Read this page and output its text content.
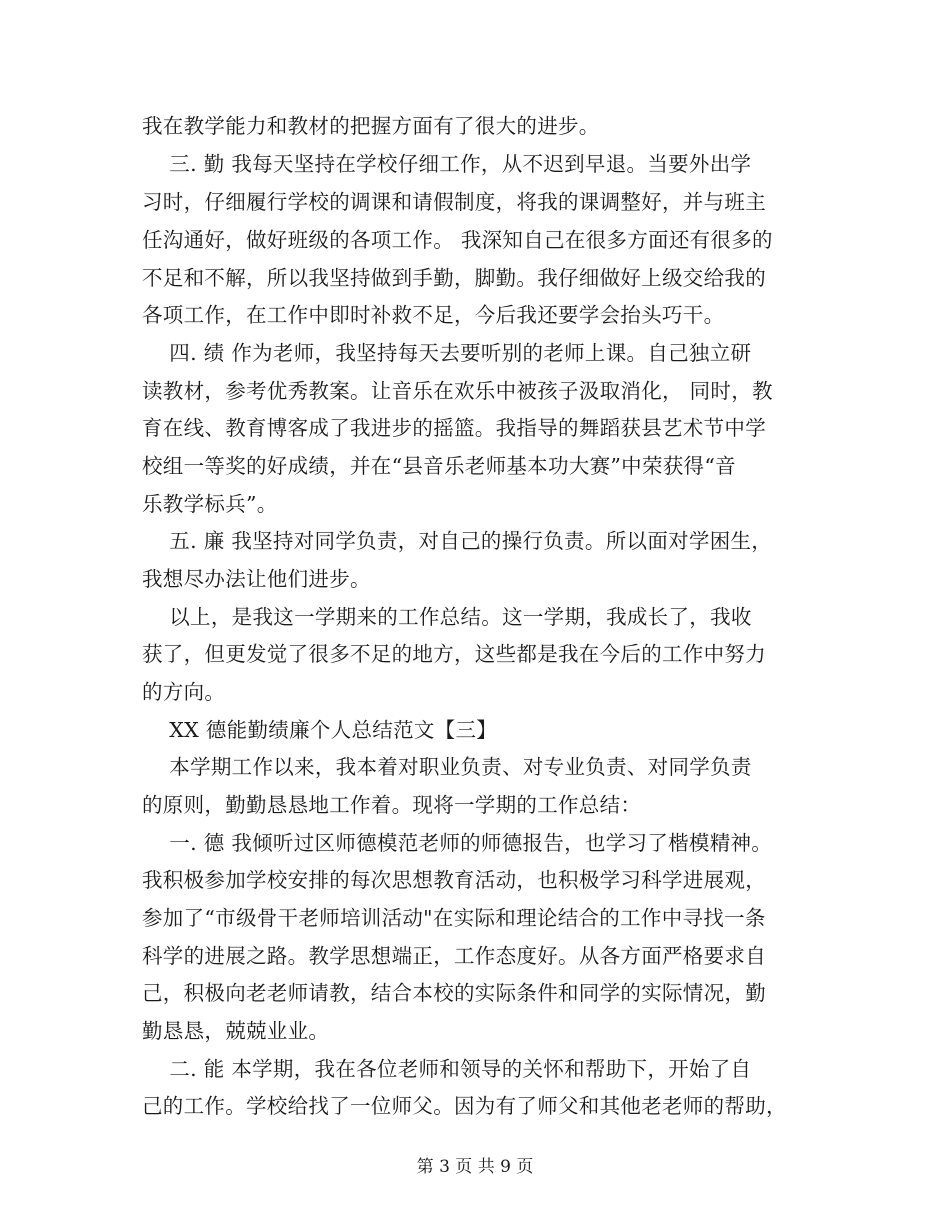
我在教学能力和教材的把握方面有了很大的进步。
三. 勤 我每天坚持在学校仔细工作，从不迟到早退。当要外出学
习时，仔细履行学校的调课和请假制度，将我的课调整好，并与班主
任沟通好，做好班级的各项工作。 我深知自己在很多方面还有很多的
不足和不解，所以我坚持做到手勤，脚勤。我仔细做好上级交给我的
各项工作，在工作中即时补救不足，今后我还要学会抬头巧干。
四. 绩 作为老师，我坚持每天去要听别的老师上课。自己独立研
读教材，参考优秀教案。让音乐在欢乐中被孩子汲取消化， 同时，教
育在线、教育博客成了我进步的摇篮。我指导的舞蹈获县艺术节中学
校组一等奖的好成绩，并在“县音乐老师基本功大赛”中荣获得“音
乐教学标兵”。
五. 廉 我坚持对同学负责，对自己的操行负责。所以面对学困生，
我想尽办法让他们进步。
以上，是我这一学期来的工作总结。这一学期，我成长了，我收
获了，但更发觉了很多不足的地方，这些都是我在今后的工作中努力
的方向。
XX 德能勤绩廉个人总结范文【三】
本学期工作以来，我本着对职业负责、对专业负责、对同学负责
的原则，勤勤恳恳地工作着。现将一学期的工作总结：
一. 德 我倾听过区师德模范老师的师德报告，也学习了楷模精神。
我积极参加学校安排的每次思想教育活动，也积极学习科学进展观，
参加了“市级骨干老师培训活动"在实际和理论结合的工作中寻找一条
科学的进展之路。教学思想端正，工作态度好。从各方面严格要求自
己，积极向老老师请教，结合本校的实际条件和同学的实际情况，勤
勤恳恳，兢兢业业。
二. 能 本学期，我在各位老师和领导的关怀和帮助下，开始了自
己的工作。学校给找了一位师父。因为有了师父和其他老老师的帮助，
第 3 页 共 9 页
